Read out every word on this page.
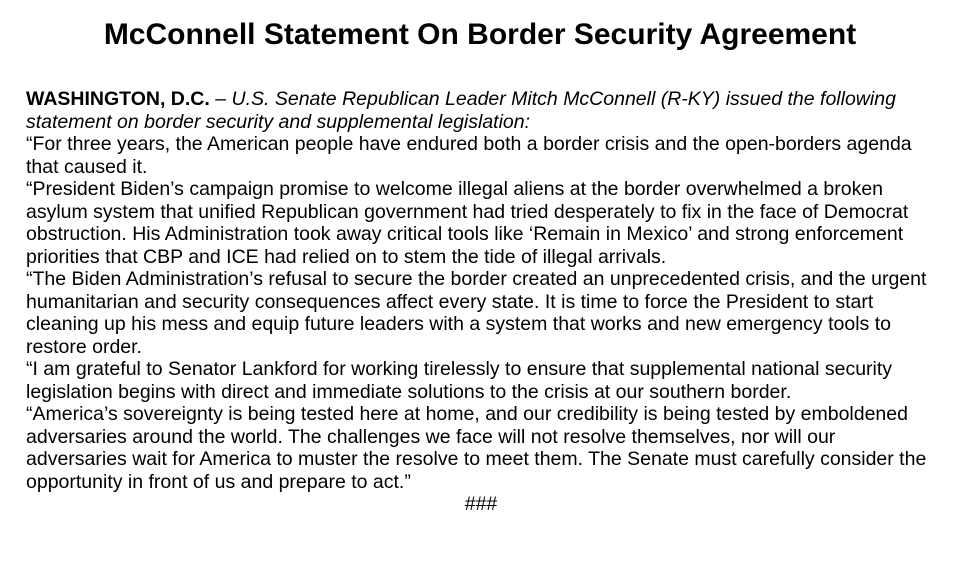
McConnell Statement On Border Security Agreement

WASHINGTON, D.C. – U.S. Senate Republican Leader Mitch McConnell (R-KY) issued the following statement on border security and supplemental legislation:

“For three years, the American people have endured both a border crisis and the open-borders agenda that caused it.

“President Biden’s campaign promise to welcome illegal aliens at the border overwhelmed a broken asylum system that unified Republican government had tried desperately to fix in the face of Democrat obstruction. His Administration took away critical tools like ‘Remain in Mexico’ and strong enforcement priorities that CBP and ICE had relied on to stem the tide of illegal arrivals.

“The Biden Administration’s refusal to secure the border created an unprecedented crisis, and the urgent humanitarian and security consequences affect every state. It is time to force the President to start cleaning up his mess and equip future leaders with a system that works and new emergency tools to restore order.

“I am grateful to Senator Lankford for working tirelessly to ensure that supplemental national security legislation begins with direct and immediate solutions to the crisis at our southern border.

“America’s sovereignty is being tested here at home, and our credibility is being tested by emboldened adversaries around the world. The challenges we face will not resolve themselves, nor will our adversaries wait for America to muster the resolve to meet them. The Senate must carefully consider the opportunity in front of us and prepare to act.”

###
